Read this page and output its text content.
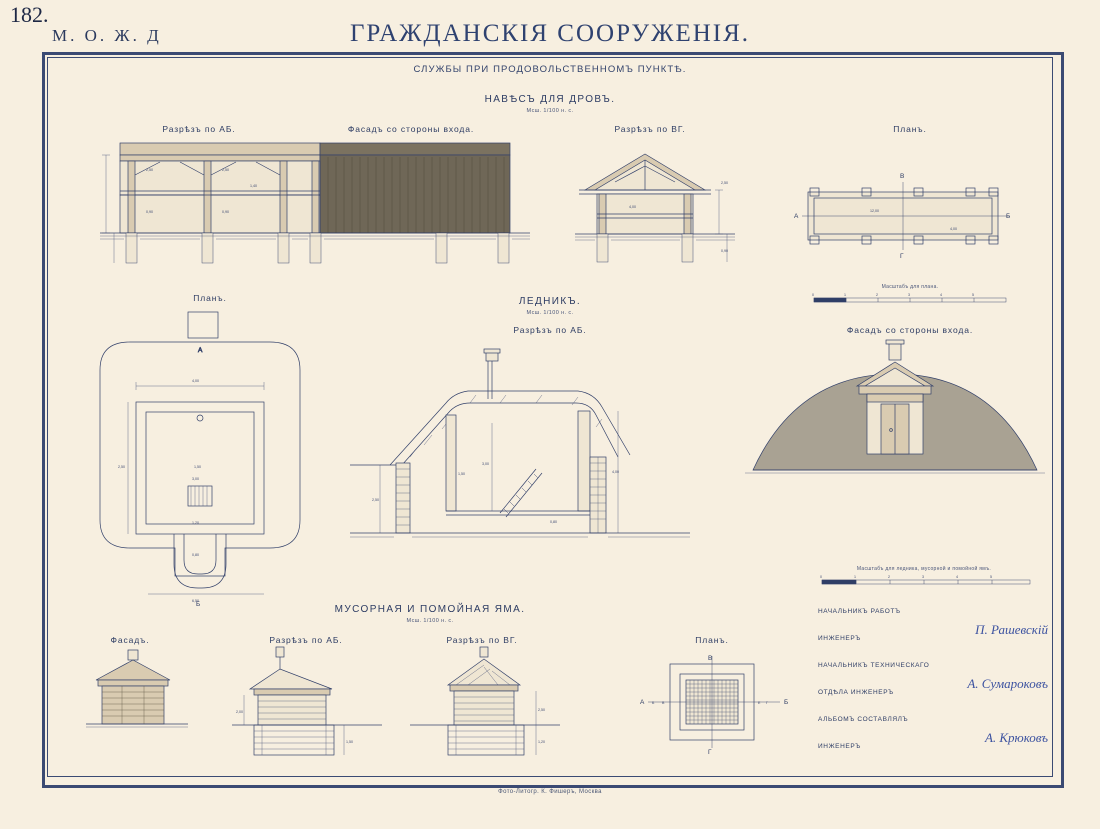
182.
М. О. Ж. Д	ГРАЖДАНСКІЯ СООРУЖЕНІЯ.
СЛУЖБЫ ПРИ ПРОДОВОЛЬСТВЕННОМЪ ПУНКТѢ.
Фото-Литогр. К. Фишеръ, Москва
НАВѢСЪ ДЛЯ ДРОВЪ.
Мсш. 1/100 н. с.
Разрѣзъ по АБ.	Фасадъ со стороны входа.	Разрѣзъ по ВГ.	Планъ.
2,50	2,50
1,40
0,90	0,90
2,50
0,90
4,00
В
Г
А	Б
12,00
4,00
Масштабъ для плана.
0	1	2	3	4	5
ЛЕДНИКЪ.
Мсш. 1/100 н. с.
Разрѣзъ по АБ.
Планъ.
Фасадъ со стороны входа.
А
Б
4,00
2,50	1,50
3,00
1,20
6,50
0,80
2,50
3,00
4,00
1,50
0,80
Масштабъ для ледника, мусорной и помойной ямъ.
0	1	2	3	4	5
МУСОРНАЯ И ПОМОЙНАЯ ЯМА.
Мсш. 1/100 н. с.
Фасадъ.	Разрѣзъ по АБ.	Разрѣзъ по ВГ.	Планъ.
2,00
1,50
2,50
1,20
В
Г
А	Б
Б В	Е Г
НАЧАЛЬНИКЪ РАБОТЪ
ИНЖЕНЕРЪ
П. Рашевскій
НАЧАЛЬНИКЪ ТЕХНИЧЕСКАГО
ОТДѢЛА ИНЖЕНЕРЪ
А. Сумароковъ
АЛЬБОМЪ СОСТАВЛЯЛЪ
ИНЖЕНЕРЪ
А. Крюковъ
